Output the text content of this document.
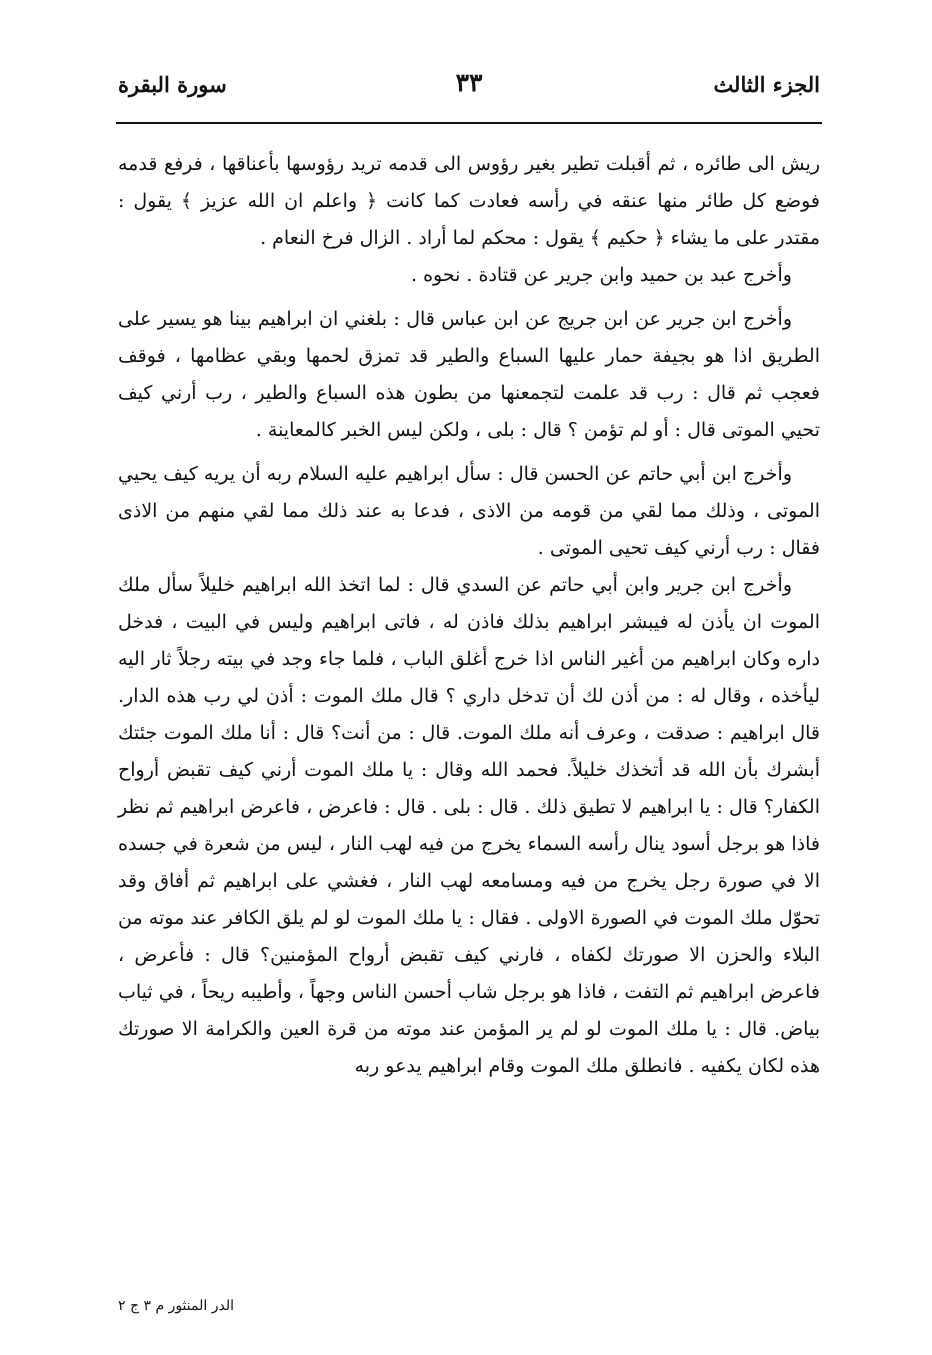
الجزء الثالث
٣٣
سورة البقرة

ريش الى طائره ، ثم أقبلت تطير بغير رؤوس الى قدمه تريد رؤوسها بأعناقها ، فرفع قدمه فوضع كل طائر منها عنقه في رأسه فعادت كما كانت ﴿ واعلم ان الله عزيز ﴾ يقول : مقتدر على ما يشاء ﴿ حكيم ﴾ يقول : محكم لما أراد . الزال فرخ النعام .

وأخرج عبد بن حميد وابن جرير عن قتادة . نحوه .

وأخرج ابن جرير عن ابن جريج عن ابن عباس قال : بلغني ان ابراهيم بينا هو يسير على الطريق اذا هو بجيفة حمار عليها السباع والطير قد تمزق لحمها وبقي عظامها ، فوقف فعجب ثم قال : رب قد علمت لتجمعنها من بطون هذه السباع والطير ، رب أرني كيف تحيي الموتى قال : أو لم تؤمن ؟ قال : بلى ، ولكن ليس الخبر كالمعاينة .

وأخرج ابن أبي حاتم عن الحسن قال : سأل ابراهيم عليه السلام ربه أن يريه كيف يحيي الموتى ، وذلك مما لقي من قومه من الاذى ، فدعا به عند ذلك مما لقي منهم من الاذى فقال : رب أرني كيف تحيى الموتى .

وأخرج ابن جرير وابن أبي حاتم عن السدي قال : لما اتخذ الله ابراهيم خليلاً سأل ملك الموت ان يأذن له فيبشر ابراهيم بذلك فاذن له ، فاتى ابراهيم وليس في البيت ، فدخل داره وكان ابراهيم من أغير الناس اذا خرج أغلق الباب ، فلما جاء وجد في بيته رجلاً ثار اليه ليأخذه ، وقال له : من أذن لك أن تدخل داري ؟ قال ملك الموت : أذن لي رب هذه الدار. قال ابراهيم : صدقت ، وعرف أنه ملك الموت. قال : من أنت؟ قال : أنا ملك الموت جئتك أبشرك بأن الله قد أتخذك خليلاً. فحمد الله وقال : يا ملك الموت أرني كيف تقبض أرواح الكفار؟ قال : يا ابراهيم لا تطيق ذلك . قال : بلى . قال : فاعرض ، فاعرض ابراهيم ثم نظر فاذا هو برجل أسود ينال رأسه السماء يخرج من فيه لهب النار ، ليس من شعرة في جسده الا في صورة رجل يخرج من فيه ومسامعه لهب النار ، فغشي على ابراهيم ثم أفاق وقد تحوّل ملك الموت في الصورة الاولى . فقال : يا ملك الموت لو لم يلق الكافر عند موته من البلاء والحزن الا صورتك لكفاه ، فارني كيف تقبض أرواح المؤمنين؟ قال : فأعرض ، فاعرض ابراهيم ثم التفت ، فاذا هو برجل شاب أحسن الناس وجهاً ، وأطيبه ريحاً ، في ثياب بياض. قال : يا ملك الموت لو لم ير المؤمن عند موته من قرة العين والكرامة الا صورتك هذه لكان يكفيه . فانطلق ملك الموت وقام ابراهيم يدعو ربه

الدر المنثور م ٣ ج ٢
